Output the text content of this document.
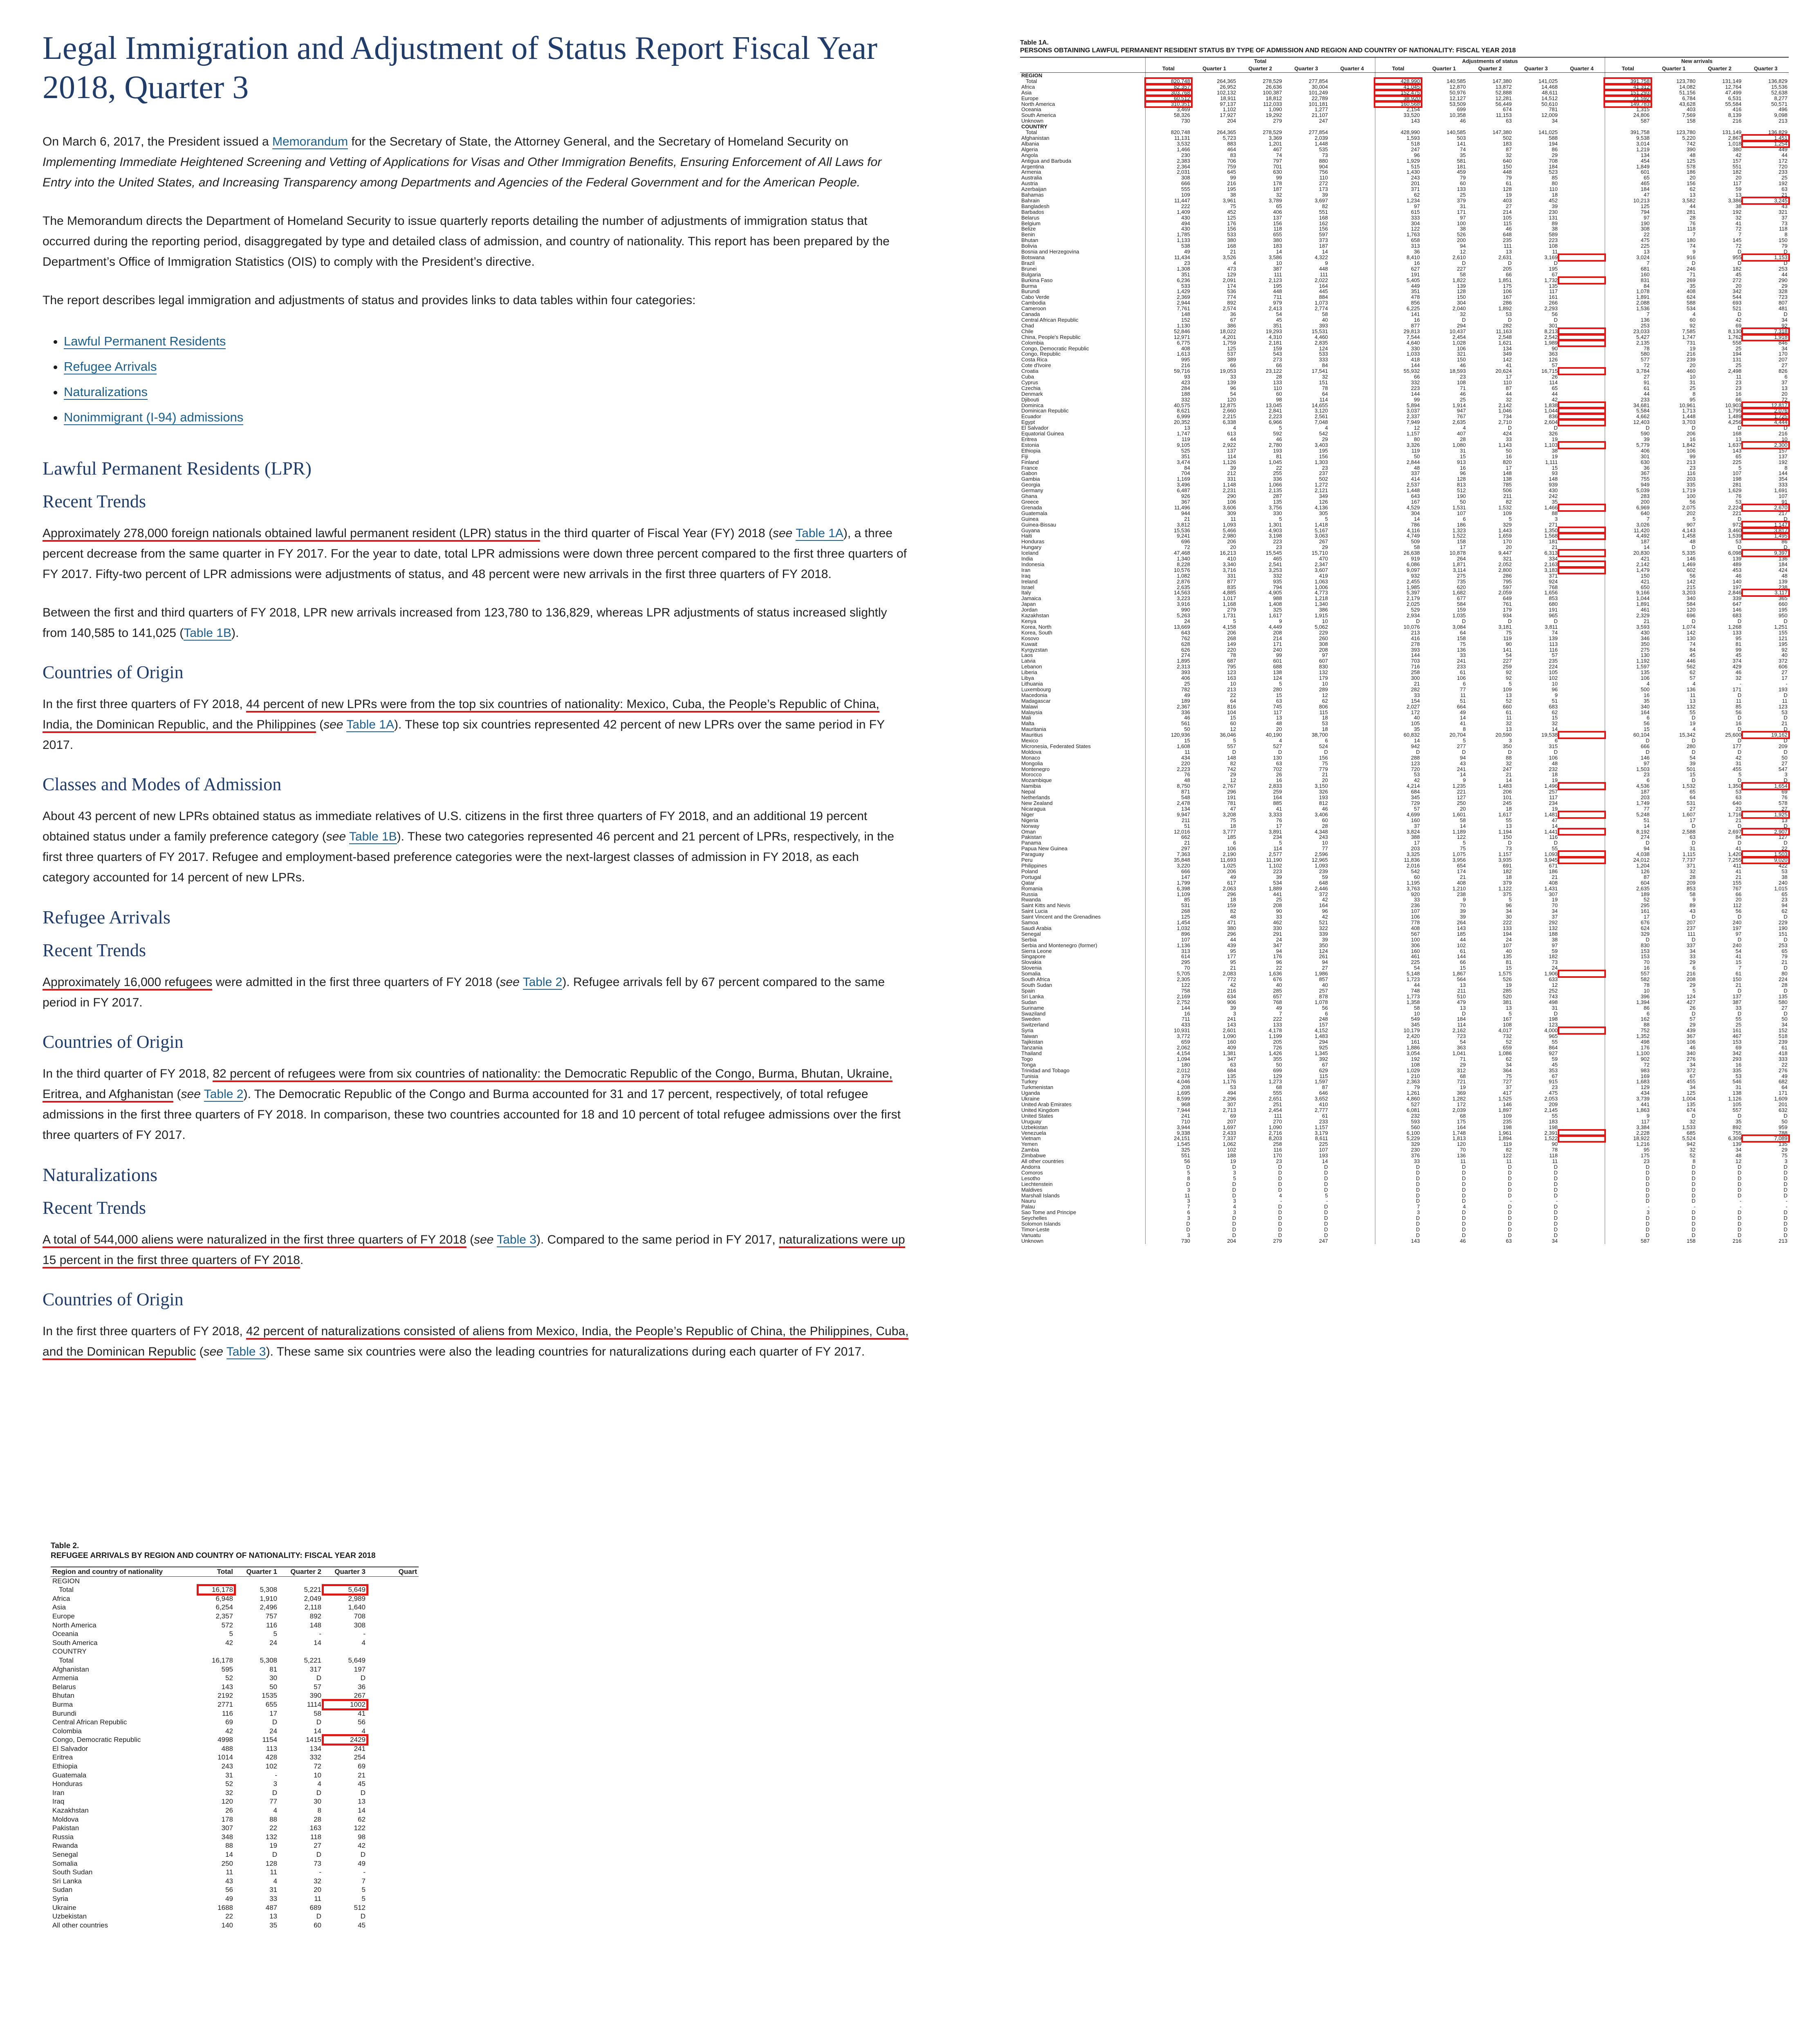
Legal Immigration and Adjustment of Status Report Fiscal Year 2018, Quarter 3

On March 6, 2017, the President issued a Memorandum for the Secretary of State, the Attorney General, and the Secretary of Homeland Security on Implementing Immediate Heightened Screening and Vetting of Applications for Visas and Other Immigration Benefits, Ensuring Enforcement of All Laws for Entry into the United States, and Increasing Transparency among Departments and Agencies of the Federal Government and for the American People.

The Memorandum directs the Department of Homeland Security to issue quarterly reports detailing the number of adjustments of immigration status that occurred during the reporting period, disaggregated by type and detailed class of admission, and country of nationality. This report has been prepared by the Department’s Office of Immigration Statistics (OIS) to comply with the President’s directive.

The report describes legal immigration and adjustments of status and provides links to data tables within four categories:

• Lawful Permanent Residents
• Refugee Arrivals
• Naturalizations
• Nonimmigrant (I-94) admissions
Lawful Permanent Residents (LPR)
Recent Trends

Approximately 278,000 foreign nationals obtained lawful permanent resident (LPR) status in the third quarter of Fiscal Year (FY) 2018 (see Table 1A), a three percent decrease from the same quarter in FY 2017. For the year to date, total LPR admissions were down three percent compared to the first three quarters of FY 2017. Fifty-two percent of LPR admissions were adjustments of status, and 48 percent were new arrivals in the first three quarters of FY 2018.

Between the first and third quarters of FY 2018, LPR new arrivals increased from 123,780 to 136,829, whereas LPR adjustments of status increased slightly from 140,585 to 141,025 (Table 1B).

Countries of Origin

In the first three quarters of FY 2018, 44 percent of new LPRs were from the top six countries of nationality: Mexico, Cuba, the People’s Republic of China, India, the Dominican Republic, and the Philippines (see Table 1A). These top six countries represented 42 percent of new LPRs over the same period in FY 2017.

Classes and Modes of Admission

About 43 percent of new LPRs obtained status as immediate relatives of U.S. citizens in the first three quarters of FY 2018, and an additional 19 percent obtained status under a family preference category (see Table 1B). These two categories represented 46 percent and 21 percent of LPRs, respectively, in the first three quarters of FY 2017. Refugee and employment-based preference categories were the next-largest classes of admission in FY 2018, as each category accounted for 14 percent of new LPRs.

Refugee Arrivals
Recent Trends

Approximately 16,000 refugees were admitted in the first three quarters of FY 2018 (see Table 2). Refugee arrivals fell by 67 percent compared to the same period in FY 2017.

Countries of Origin

In the third quarter of FY 2018, 82 percent of refugees were from six countries of nationality: the Democratic Republic of the Congo, Burma, Bhutan, Ukraine, Eritrea, and Afghanistan (see Table 2). The Democratic Republic of the Congo and Burma accounted for 31 and 17 percent, respectively, of total refugee admissions in the first three quarters of FY 2018. In comparison, these two countries accounted for 18 and 10 percent of total refugee admissions over the first three quarters of FY 2017.

Naturalizations
Recent Trends

A total of 544,000 aliens were naturalized in the first three quarters of FY 2018 (see Table 3). Compared to the same period in FY 2017, naturalizations were up 15 percent in the first three quarters of FY 2018.

Countries of Origin

In the first three quarters of FY 2018, 42 percent of naturalizations consisted of aliens from Mexico, India, the People’s Republic of China, the Philippines, Cuba, and the Dominican Republic (see Table 3). These same six countries were also the leading countries for naturalizations during each quarter of FY 2017.

Table 2.
REFUGEE ARRIVALS BY REGION AND COUNTRY OF NATIONALITY: FISCAL YEAR 2018
Region and country of nationality	Total	Quarter 1	Quarter 2	Quarter 3	Quart
REGION					
Total	16,178	5,308	5,221	5,649	
Africa	6,948	1,910	2,049	2,989	
Asia	6,254	2,496	2,118	1,640	
Europe	2,357	757	892	708	
North America	572	116	148	308	
Oceania	5	5	-	-	
South America	42	24	14	4	
COUNTRY					
Total	16,178	5,308	5,221	5,649	
Afghanistan	595	81	317	197	
Armenia	52	30	D	D	
Belarus	143	50	57	36	
Bhutan	2192	1535	390	267	
Burma	2771	655	1114	1002	
Burundi	116	17	58	41	
Central African Republic	69	D	D	56	
Colombia	42	24	14	4	
Congo, Democratic Republic	4998	1154	1415	2429	
El Salvador	488	113	134	241	
Eritrea	1014	428	332	254	
Ethiopia	243	102	72	69	
Guatemala	31	-	10	21	
Honduras	52	3	4	45	
Iran	32	D	D	D	
Iraq	120	77	30	13	
Kazakhstan	26	4	8	14	
Moldova	178	88	28	62	
Pakistan	307	22	163	122	
Russia	348	132	118	98	
Rwanda	88	19	27	42	
Senegal	14	D	D	D	
Somalia	250	128	73	49	
South Sudan	11	11	-	-	
Sri Lanka	43	4	32	7	
Sudan	56	31	20	5	
Syria	49	33	11	5	
Ukraine	1688	487	689	512	
Uzbekistan	22	13	D	D	
All other countries	140	35	60	45	
Table 1A.
PERSONS OBTAINING LAWFUL PERMANENT RESIDENT STATUS BY TYPE OF ADMISSION AND REGION AND COUNTRY OF NATIONALITY: FISCAL YEAR 2018
	Total					Adjustments of status					New arrivals			
	Total	Quarter 1	Quarter 2	Quarter 3	Quarter 4	Total	Quarter 1	Quarter 2	Quarter 3	Quarter 4	Total	Quarter 1	Quarter 2	Quarter 3
REGION														
Total	820,748	264,365	278,529	277,854		428,990	140,585	147,380	141,025		391,758	123,780	131,149	136,829
Africa	82,357	26,952	26,636	30,004		41,045	12,870	13,872	14,468		41,312	14,082	12,764	15,536
Asia	303,768	102,132	100,387	101,249		152,475	50,976	52,888	48,611		151,293	51,156	47,499	52,638
Europe	60,512	18,911	18,812	22,789		38,920	12,127	12,281	14,512		21,592	6,784	6,531	8,277
North America	310,351	97,137	112,033	101,181		160,568	53,509	56,449	50,610		149,783	43,628	55,584	50,571
Oceania	3,469	1,102	1,090	1,277		2,154	699	674	781		1,315	403	416	496
South America	58,326	17,927	19,292	21,107		33,520	10,358	11,153	12,009		24,806	7,569	8,139	9,098
Unknown	730	204	279	247		143	46	63	34		587	158	216	213
COUNTRY														
Total	820,748	264,365	278,529	277,854		428,990	140,585	147,380	141,025		391,758	123,780	131,149	136,829
Afghanistan	11,131	5,723	3,369	2,039		1,593	503	502	588		9,538	5,220	2,867	1,451
Albania	3,532	883	1,201	1,448		518	141	183	194		3,014	742	1,018	1,254
Algeria	1,466	464	467	535		247	74	87	86		1,219	390	380	449
Angola	230	83	74	73		96	35	32	29		134	48	42	44
Antigua and Barbuda	2,383	706	797	880		1,929	581	640	708		454	125	157	172
Argentina	2,364	759	701	904		515	181	150	184		1,849	578	551	720
Armenia	2,031	645	630	756		1,430	459	448	523		601	186	182	233
Australia	308	99	99	110		243	79	79	85		65	20	20	25
Austria	666	216	178	272		201	60	61	80		465	156	117	192
Azerbaijan	555	195	187	173		371	133	128	110		184	62	59	63
Bahamas	109	38	32	39		62	25	19	18		47	13	13	21
Bahrain	11,447	3,961	3,789	3,697		1,234	379	403	452		10,213	3,582	3,386	3,245
Bangladesh	222	75	65	82		97	31	27	39		125	44	38	43
Barbados	1,409	452	406	551		615	171	214	230		794	281	192	321
Belarus	430	125	137	168		333	97	105	131		97	28	32	37
Belgium	494	176	156	162		304	100	115	89		190	76	41	73
Belize	430	156	118	156		122	38	46	38		308	118	72	118
Benin	1,785	533	655	597		1,763	526	648	589		22	7	7	8
Bhutan	1,133	380	380	373		658	200	235	223		475	180	145	150
Bolivia	538	168	183	187		313	94	111	108		225	74	72	79
Bosnia and Herzegovina	49	21	14	14		36	12	13	11		13	9	D	D
Botswana	11,434	3,526	3,586	4,322		8,410	2,610	2,631	3,169		3,024	916	955	1,153
Brazil	23	4	10	9		16	D	D	D		7	D	D	D
Brunei	1,308	473	387	448		627	227	205	195		681	246	182	253
Bulgaria	351	129	111	111		191	58	66	67		160	71	45	44
Burkina Faso	6,236	2,091	2,123	2,022		5,405	1,822	1,851	1,732		831	269	272	290
Burma	533	174	195	164		449	139	175	135		84	35	20	29
Burundi	1,429	536	448	445		351	128	106	117		1,078	408	342	328
Cabo Verde	2,369	774	711	884		478	150	167	161		1,891	624	544	723
Cambodia	2,944	892	979	1,073		856	304	286	266		2,088	588	693	807
Cameroon	7,761	2,574	2,413	2,774		6,225	2,040	1,892	2,293		1,536	534	521	481
Canada	148	36	54	58		141	32	53	56		7	4	D	D
Central African Republic	152	67	45	40		16	D	D	D		136	60	42	34
Chad	1,130	386	351	393		877	294	282	301		253	92	69	92
Chile	52,846	18,022	19,293	15,531		29,813	10,437	11,163	8,213		23,033	7,585	8,130	7,318
China, People's Republic	12,971	4,201	4,310	4,460		7,544	2,454	2,548	2,542		5,427	1,747	1,762	1,918
Colombia	6,775	1,759	2,181	2,835		4,640	1,028	1,621	1,989		2,135	731	558	846
Congo, Democratic Republic	408	125	159	124		330	106	134	90		78	19	25	34
Congo, Republic	1,613	537	543	533		1,033	321	349	363		580	216	194	170
Costa Rica	995	389	273	333		418	150	142	126		577	239	131	207
Cote d'Ivoire	216	66	66	84		144	46	41	57		72	20	25	27
Croatia	59,716	19,053	23,122	17,541		55,932	18,593	20,624	16,715		3,784	460	2,498	826
Cuba	93	33	28	32		66	23	17	26		27	10	11	6
Cyprus	423	139	133	151		332	108	110	114		91	31	23	37
Czechia	284	96	110	78		223	71	87	65		61	25	23	13
Denmark	188	54	60	64		144	46	44	44		44	8	16	20
Djibouti	332	120	98	114		99	25	32	42		233	95	66	72
Dominica	40,575	12,875	13,045	14,655		5,894	1,914	2,142	1,838		34,681	10,961	10,903	12,817
Dominican Republic	8,621	2,660	2,841	3,120		3,037	947	1,046	1,044		5,584	1,713	1,795	2,076
Ecuador	6,999	2,215	2,223	2,561		2,337	767	734	836		4,662	1,448	1,489	1,725
Egypt	20,352	6,338	6,966	7,048		7,949	2,635	2,710	2,604		12,403	3,703	4,256	4,444
El Salvador	13	4	5	4		12	4	D	D		D	D	D	D
Equatorial Guinea	1,747	613	592	542		1,157	407	424	326		590	206	168	216
Eritrea	119	44	46	29		80	28	33	19		39	16	13	10
Estonia	9,105	2,922	2,780	3,403		3,326	1,080	1,143	1,103		5,779	1,842	1,637	2,300
Ethiopia	525	137	193	195		119	31	50	38		406	106	143	157
Fiji	351	114	81	156		50	15	16	19		301	99	65	137
Finland	3,474	1,126	1,045	1,303		2,844	913	820	1,111		630	213	225	192
France	84	39	22	23		48	16	17	15		36	23	5	8
Gabon	704	212	255	237		337	96	148	93		367	116	107	144
Gambia	1,169	331	336	502		414	128	138	148		755	203	198	354
Georgia	3,496	1,148	1,066	1,272		2,537	813	785	939		949	335	281	333
Germany	6,487	2,231	2,135	2,121		1,448	512	506	430		5,039	1,719	1,629	1,691
Ghana	926	290	287	349		643	190	211	242		283	100	76	107
Greece	367	106	135	126		167	50	82	35		200	56	53	91
Grenada	11,496	3,606	3,756	4,136		4,529	1,531	1,532	1,466		6,969	2,075	2,224	2,670
Guatemala	944	309	330	305		304	107	109	88		640	202	221	217
Guinea	21	11	5	5		14	6	5	3		7	5	D	D
Guinea-Bissau	3,812	1,093	1,301	1,418		786	186	329	271		3,026	907	972	1,147
Guyana	15,536	5,466	4,903	5,167		4,116	1,323	1,443	1,350		11,420	4,143	3,460	3,817
Haiti	9,241	2,980	3,198	3,063		4,749	1,522	1,659	1,568		4,492	1,458	1,539	1,495
Honduras	696	206	223	267		509	158	170	181		187	48	53	86
Hungary	72	20	23	29		58	17	20	21		14	D	D	D
Iceland	47,468	16,213	15,545	15,710		26,638	10,878	9,447	6,313		20,830	5,335	6,098	9,397
India	1,340	410	465	470		919	264	321	334		421	146	139	136
Indonesia	8,228	3,340	2,541	2,347		6,086	1,871	2,052	2,163		2,142	1,469	489	184
Iran	10,576	3,716	3,253	3,607		9,097	3,114	2,800	3,183		1,479	602	453	424
Iraq	1,082	331	332	419		932	275	286	371		150	56	46	48
Ireland	2,876	877	935	1,063		2,455	735	795	924		421	142	140	139
Israel	2,635	835	794	1,006		1,985	620	597	768		650	215	197	238
Italy	14,563	4,885	4,905	4,773		5,397	1,682	2,059	1,656		9,166	3,203	2,846	3,117
Jamaica	3,223	1,017	988	1,218		2,179	677	649	853		1,044	340	339	365
Japan	3,916	1,168	1,408	1,340		2,025	584	761	680		1,891	584	647	660
Jordan	990	279	325	386		529	159	179	191		461	120	146	195
Kazakhstan	5,263	1,731	1,617	1,915		2,934	1,035	934	965		2,329	696	683	950
Kenya	24	5	9	10		D	D	D	D		21	D	D	D
Korea, North	13,669	4,158	4,449	5,062		10,076	3,084	3,181	3,811		3,593	1,074	1,268	1,251
Korea, South	643	206	208	229		213	64	75	74		430	142	133	155
Kosovo	762	268	214	260		416	158	119	139		346	130	95	121
Kuwait	628	149	171	308		278	75	90	113		350	74	81	195
Kyrgyzstan	626	220	240	208		393	136	141	116		275	84	99	92
Laos	274	78	99	97		144	33	54	57		130	45	45	40
Latvia	1,895	687	601	607		703	241	227	235		1,192	446	374	372
Lebanon	2,313	795	688	830		716	233	259	224		1,597	562	429	606
Liberia	393	123	138	132		258	61	92	105		135	62	46	27
Libya	406	163	124	179		300	106	92	102		106	57	32	17
Lithuania	25	10	5	10		21	6	5	10		4	4	-	-
Luxembourg	782	213	280	289		282	77	109	96		500	136	171	193
Macedonia	49	22	15	12		33	11	13	9		16	11	D	D
Madagascar	189	64	63	62		154	51	52	51		35	13	11	11
Malawi	2,367	816	745	806		2,027	664	660	683		340	132	85	123
Malaysia	336	104	117	115		172	49	61	62		164	55	56	53
Mali	46	15	13	18		40	14	11	15		6	D	D	D
Malta	561	60	48	53		105	41	32	32		56	19	16	21
Mauritania	50	12	20	18		35	8	13	14		15	4	D	D
Mauritius	120,936	36,046	40,190	38,700		60,832	20,704	20,590	19,538		60,104	15,342	25,600	19,162
Mexico	15	5	4	6		14	5	3	6		D	D	D	D
Micronesia, Federated States	1,608	557	527	524		942	277	350	315		666	280	177	209
Moldova	11	D	D	D		D	D	D	D		D	D	D	D
Monaco	434	148	130	156		288	94	88	106		146	54	42	50
Mongolia	220	82	63	75		123	43	32	48		97	39	31	27
Montenegro	2,223	742	702	779		720	241	247	232		1,503	501	455	547
Morocco	76	29	26	21		53	14	21	18		23	15	5	3
Mozambique	48	12	16	20		42	9	14	19		6	D	D	D
Namibia	8,750	2,767	2,833	3,150		4,214	1,235	1,483	1,496		4,536	1,532	1,350	1,654
Nepal	871	296	259	326		684	221	206	257		187	65	53	69
Netherlands	548	191	164	193		345	127	101	117		203	64	63	76
New Zealand	2,478	781	885	812		729	250	245	234		1,749	531	640	578
Nicaragua	134	47	41	46		57	20	18	19		77	27	23	27
Niger	9,947	3,208	3,333	3,406		4,699	1,601	1,617	1,481		5,248	1,607	1,716	1,925
Nigeria	211	75	76	60		160	58	55	47		51	17	21	13
Norway	51	18	17	28		37	14	13	14		14	D	D	D
Oman	12,016	3,777	3,891	4,348		3,824	1,189	1,194	1,441		8,192	2,588	2,697	2,907
Pakistan	662	185	234	243		388	122	150	116		274	63	84	127
Panama	21	6	5	10		17	5	D	D		D	D	D	D
Papua New Guinea	297	106	114	77		203	75	73	55		94	31	41	22
Paraguay	7,363	2,190	2,577	2,596		3,325	1,075	1,157	1,093		4,038	1,115	1,420	1,503
Peru	35,848	11,693	11,190	12,965		11,836	3,956	3,935	3,945		24,012	7,737	7,255	9,020
Philippines	3,220	1,025	1,102	1,093		2,016	654	691	671		1,204	371	411	422
Poland	666	206	223	239		542	174	182	186		126	32	41	53
Portugal	147	49	39	59		60	21	18	21		87	28	21	38
Qatar	1,799	617	534	648		1,195	408	379	408		604	209	155	240
Romania	6,398	2,063	1,889	2,446		3,763	1,210	1,122	1,431		2,635	853	767	1,015
Russia	1,109	296	441	372		920	238	375	307		189	58	66	65
Rwanda	85	18	25	42		33	9	5	19		52	9	20	23
Saint Kitts and Nevis	531	159	208	164		236	70	96	70		295	89	112	94
Saint Lucia	268	82	90	96		107	39	34	34		161	43	56	62
Saint Vincent and the Grenadines	125	48	33	42		106	39	30	37		17	D	D	D
Samoa	1,454	471	462	521		778	264	222	292		676	207	240	229
Saudi Arabia	1,032	380	330	322		408	143	133	132		624	237	197	190
Senegal	896	296	291	339		567	185	194	188		329	111	97	151
Serbia	107	44	24	39		100	44	24	38		D	D	D	D
Serbia and Montenegro (former)	1,136	439	347	350		306	102	107	97		830	337	240	253
Sierra Leone	313	95	94	124		160	61	40	59		153	34	54	65
Singapore	614	177	176	261		461	144	135	182		153	33	41	79
Slovakia	295	95	96	94		225	66	81	73		70	29	15	21
Slovenia	70	21	22	27		54	15	15	24		16	6	7	D
Somalia	5,705	2,083	1,636	1,986		5,148	1,867	1,575	1,906		557	216	61	80
South Africa	2,305	772	676	857		1,723	564	526	633		582	208	150	224
South Sudan	122	42	40	40		44	13	19	12		78	29	21	28
Spain	758	216	285	257		748	211	285	252		10	5	D	D
Sri Lanka	2,169	634	657	878		1,773	510	520	743		396	124	137	135
Sudan	2,752	906	768	1,078		1,358	479	381	498		1,394	427	387	580
Suriname	144	39	49	56		58	13	13	31		86	26	33	27
Swaziland	16	3	7	6		10	D	5	D		6	D	D	D
Sweden	711	241	222	248		549	184	167	198		162	57	55	50
Switzerland	433	143	133	157		345	114	108	123		88	29	25	34
Syria	10,931	2,601	4,178	4,152		10,179	2,162	4,017	4,000		752	439	161	152
Taiwan	3,772	1,090	1,199	1,483		2,420	723	732	965		1,352	367	467	518
Tajikistan	659	160	205	294		161	54	52	55		498	106	153	239
Tanzania	2,062	409	726	925		1,886	363	659	864		176	46	69	61
Thailand	4,154	1,381	1,426	1,345		3,054	1,041	1,086	927		1,100	340	342	418
Togo	1,094	347	355	392		192	71	62	59		902	276	293	333
Tonga	180	63	50	67		108	29	34	45		72	34	16	22
Trinidad and Tobago	2,012	684	699	629		1,029	312	364	353		983	372	335	276
Tunisia	379	135	129	115		210	68	75	67		169	67	53	49
Turkey	4,046	1,176	1,273	1,597		2,363	721	727	915		1,683	455	546	682
Turkmenistan	208	53	68	87		79	19	37	23		129	34	31	64
Uganda	1,695	494	555	646		1,261	369	417	475		434	125	138	171
Ukraine	8,599	2,296	2,651	3,652		4,860	1,282	1,525	2,053		3,739	1,004	1,126	1,609
United Arab Emirates	968	307	251	410		527	172	146	209		441	135	105	201
United Kingdom	7,944	2,713	2,454	2,777		6,081	2,039	1,897	2,145		1,863	674	557	632
United States	241	69	111	61		232	68	109	55		9	D	D	D
Uruguay	710	207	270	233		593	175	235	183		117	32	35	50
Uzbekistan	3,944	1,697	1,090	1,157		560	164	198	198		3,384	1,533	892	959
Venezuela	9,338	2,433	2,716	3,179		6,100	1,748	1,961	2,391		2,228	685	755	788
Vietnam	24,151	7,337	8,203	8,611		5,229	1,813	1,894	1,522		18,922	5,524	6,309	7,089
Yemen	1,545	1,062	258	225		329	120	119	90		1,216	942	139	135
Zambia	325	102	116	107		230	70	82	78		95	32	34	29
Zimbabwe	551	188	170	193		376	136	122	118		175	52	48	75
All other countries	56	19	23	14		33	11	11	11		23	8	12	3
Andorra	D	D	D	D		D	D	D	D		D	D	D	D
Comoros	5	3	D	D		D	D	D	D		D	D	D	D
Lesotho	8	5	D	D		D	D	D	D		D	D	D	D
Liechtenstein	D	D	D	D		D	D	D	D		D	D	D	D
Maldives	3	D	D	D		D	D	D	D		D	D	D	D
Marshall Islands	11	D	4	5		D	D	D	D		D	D	D	D
Nauru	3	3	-	-		D	D	-	-		D	D	-	-
Palau	7	4	D	D		7	4	D	D		-	-	-	-
Sao Tome and Principe	6	3	D	D		3	D	D	D		3	D	D	D
Seychelles	3	D	D	D		D	D	D	D		D	D	D	D
Solomon Islands	D	D	D	D		D	D	D	D		D	D	D	D
Timor-Leste	D	D	D	D		D	D	D	D		D	D	D	D
Vanuatu	3	D	D	D		D	D	D	D		D	D	D	D
Unknown	730	204	279	247		143	46	63	34		587	158	216	213
